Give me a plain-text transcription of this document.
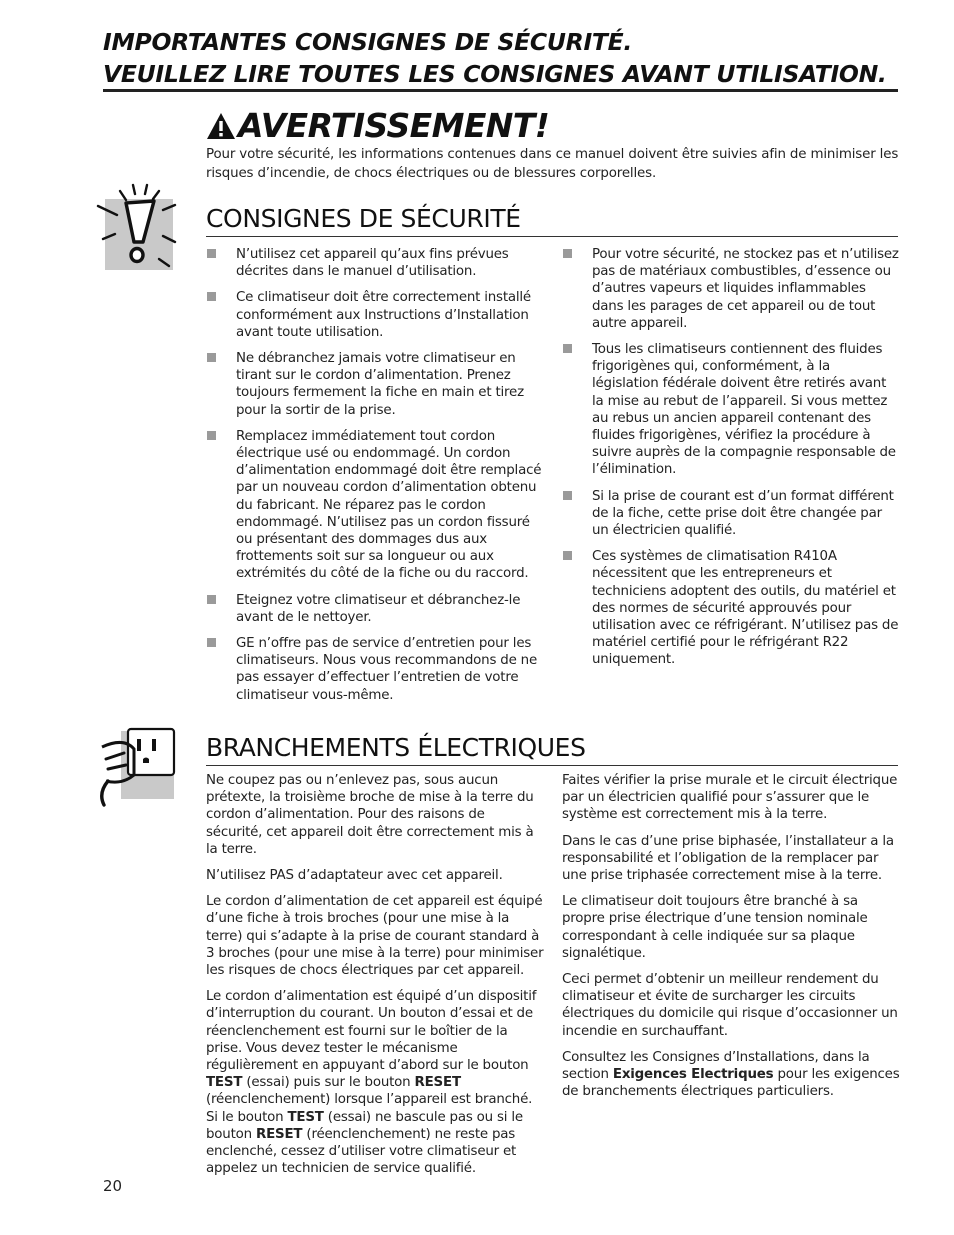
IMPORTANTES CONSIGNES DE SÉCURITÉ.
VEUILLEZ LIRE TOUTES LES CONSIGNES AVANT UTILISATION.
AVERTISSEMENT!
Pour votre sécurité, les informations contenues dans ce manuel doivent être suivies afin de minimiser les risques d’incendie, de chocs électriques ou de blessures corporelles.
CONSIGNES DE SÉCURITÉ
N’utilisez cet appareil qu’aux fins prévues décrites dans le manuel d’utilisation.
Ce climatiseur doit être correctement installé conformément aux Instructions d’Installation avant toute utilisation.
Ne débranchez jamais votre climatiseur en tirant sur le cordon d’alimentation. Prenez toujours fermement la fiche en main et tirez pour la sortir de la prise.
Remplacez immédiatement tout cordon électrique usé ou endommagé. Un cordon d’alimentation endommagé doit être remplacé par un nouveau cordon d’alimentation obtenu du fabricant. Ne réparez pas le cordon endommagé. N’utilisez pas un cordon fissuré ou présentant des dommages dus aux frottements soit sur sa longueur ou aux extrémités du côté de la fiche ou du raccord.
Eteignez votre climatiseur et débranchez-le avant de le nettoyer.
GE n’offre pas de service d’entretien pour les climatiseurs. Nous vous recommandons de ne pas essayer d’effectuer l’entretien de votre climatiseur vous-même.
Pour votre sécurité, ne stockez pas et n’utilisez pas de matériaux combustibles, d’essence ou d’autres vapeurs et liquides inflammables dans les parages de cet appareil ou de tout autre appareil.
Tous les climatiseurs contiennent des fluides frigorigènes qui, conformément, à la législation fédérale doivent être retirés avant la mise au rebut de l’appareil. Si vous mettez au rebus un ancien appareil contenant des fluides frigorigènes, vérifiez la procédure à suivre auprès de la compagnie responsable de l’élimination.
Si la prise de courant est d’un format différent de la fiche, cette prise doit être changée par un électricien qualifié.
Ces systèmes de climatisation R410A nécessitent que les entrepreneurs et techniciens adoptent des outils, du matériel et des normes de sécurité approuvés pour utilisation avec ce réfrigérant. N’utilisez pas de matériel certifié pour le réfrigérant R22 uniquement.
BRANCHEMENTS ÉLECTRIQUES

Ne coupez pas ou n’enlevez pas, sous aucun prétexte, la troisième broche de mise à la terre du cordon d’alimentation. Pour des raisons de sécurité, cet appareil doit être correctement mis à la terre.

N’utilisez PAS d’adaptateur avec cet appareil.

Le cordon d’alimentation de cet appareil est équipé d’une fiche à trois broches (pour une mise à la terre) qui s’adapte à la prise de courant standard à 3 broches (pour une mise à la terre) pour minimiser les risques de chocs électriques par cet appareil.

Le cordon d’alimentation est équipé d’un dispositif d’interruption du courant. Un bouton d’essai et de réenclenchement est fourni sur le boîtier de la prise. Vous devez tester le mécanisme régulièrement en appuyant d’abord sur le bouton TEST (essai) puis sur le bouton RESET (réenclenchement) lorsque l’appareil est branché. Si le bouton TEST (essai) ne bascule pas ou si le bouton RESET (réenclenchement) ne reste pas enclenché, cessez d’utiliser votre climatiseur et appelez un technicien de service qualifié.

Faites vérifier la prise murale et le circuit électrique par un électricien qualifié pour s’assurer que le système est correctement mis à la terre.

Dans le cas d’une prise biphasée, l’installateur a la responsabilité et l’obligation de la remplacer par une prise triphasée correctement mise à la terre.

Le climatiseur doit toujours être branché à sa propre prise électrique d’une tension nominale correspondant à celle indiquée sur sa plaque signalétique.

Ceci permet d’obtenir un meilleur rendement du climatiseur et évite de surcharger les circuits électriques du domicile qui risque d’occasionner un incendie en surchauffant.

Consultez les Consignes d’Installations, dans la section Exigences Electriques pour les exigences de branchements électriques particuliers.

20
